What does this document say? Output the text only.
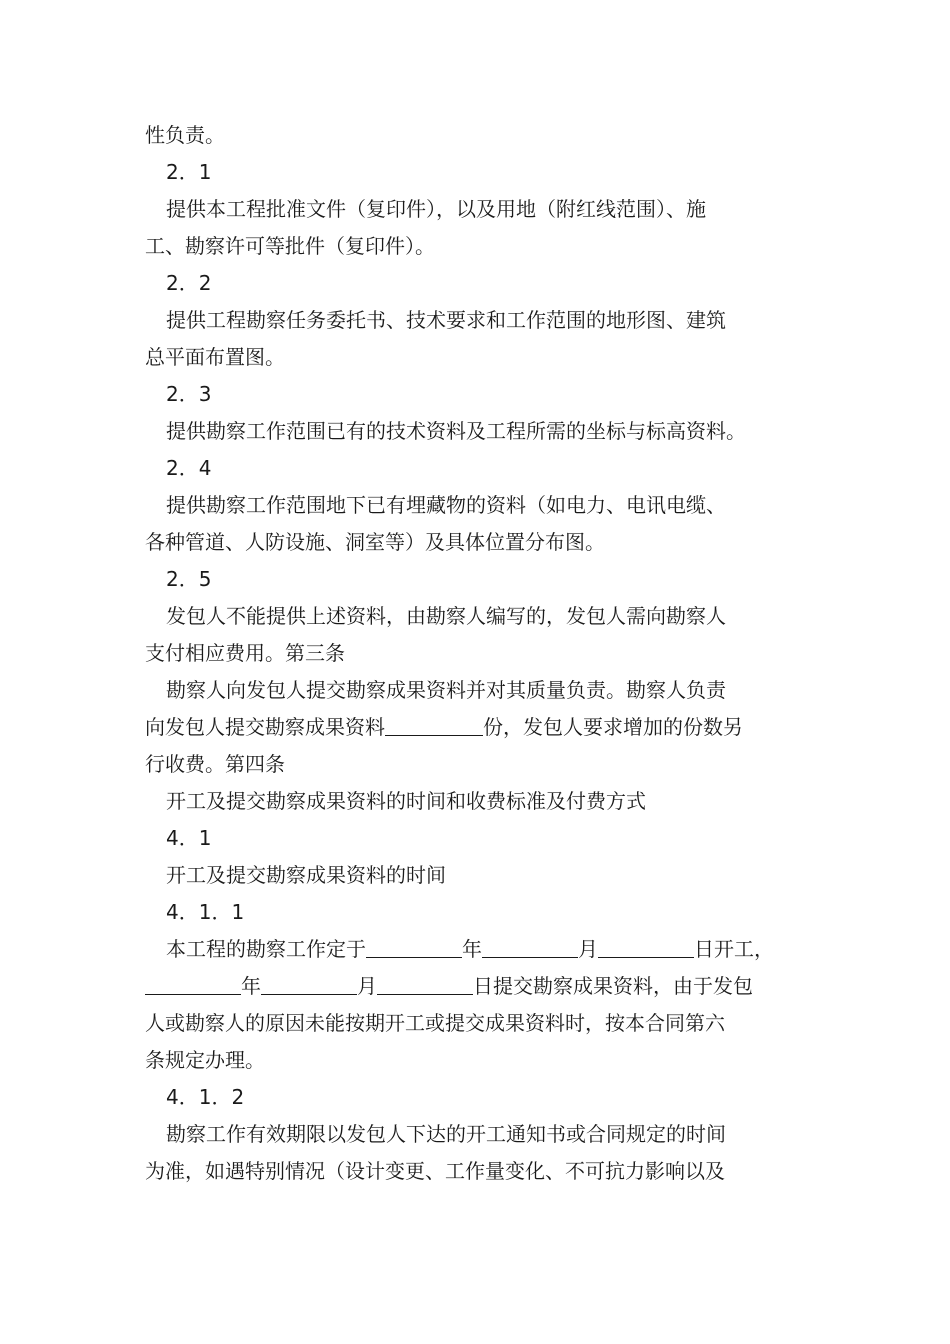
性负责。
2．1
提供本工程批准文件（复印件），以及用地（附红线范围）、施
工、勘察许可等批件（复印件）。
2．2
提供工程勘察任务委托书、技术要求和工作范围的地形图、建筑
总平面布置图。
2．3
提供勘察工作范围已有的技术资料及工程所需的坐标与标高资料。
2．4
提供勘察工作范围地下已有埋藏物的资料（如电力、电讯电缆、
各种管道、人防设施、洞室等）及具体位置分布图。
2．5
发包人不能提供上述资料，由勘察人编写的，发包人需向勘察人
支付相应费用。第三条
勘察人向发包人提交勘察成果资料并对其质量负责。勘察人负责
向发包人提交勘察成果资料	份，发包人要求增加的份数另
行收费。第四条
开工及提交勘察成果资料的时间和收费标准及付费方式
4．1
开工及提交勘察成果资料的时间
4．1．1
本工程的勘察工作定于	年	月	日开工，
年	月	日提交勘察成果资料，由于发包
人或勘察人的原因未能按期开工或提交成果资料时，按本合同第六
条规定办理。
4．1．2
勘察工作有效期限以发包人下达的开工通知书或合同规定的时间
为准，如遇特别情况（设计变更、工作量变化、不可抗力影响以及
